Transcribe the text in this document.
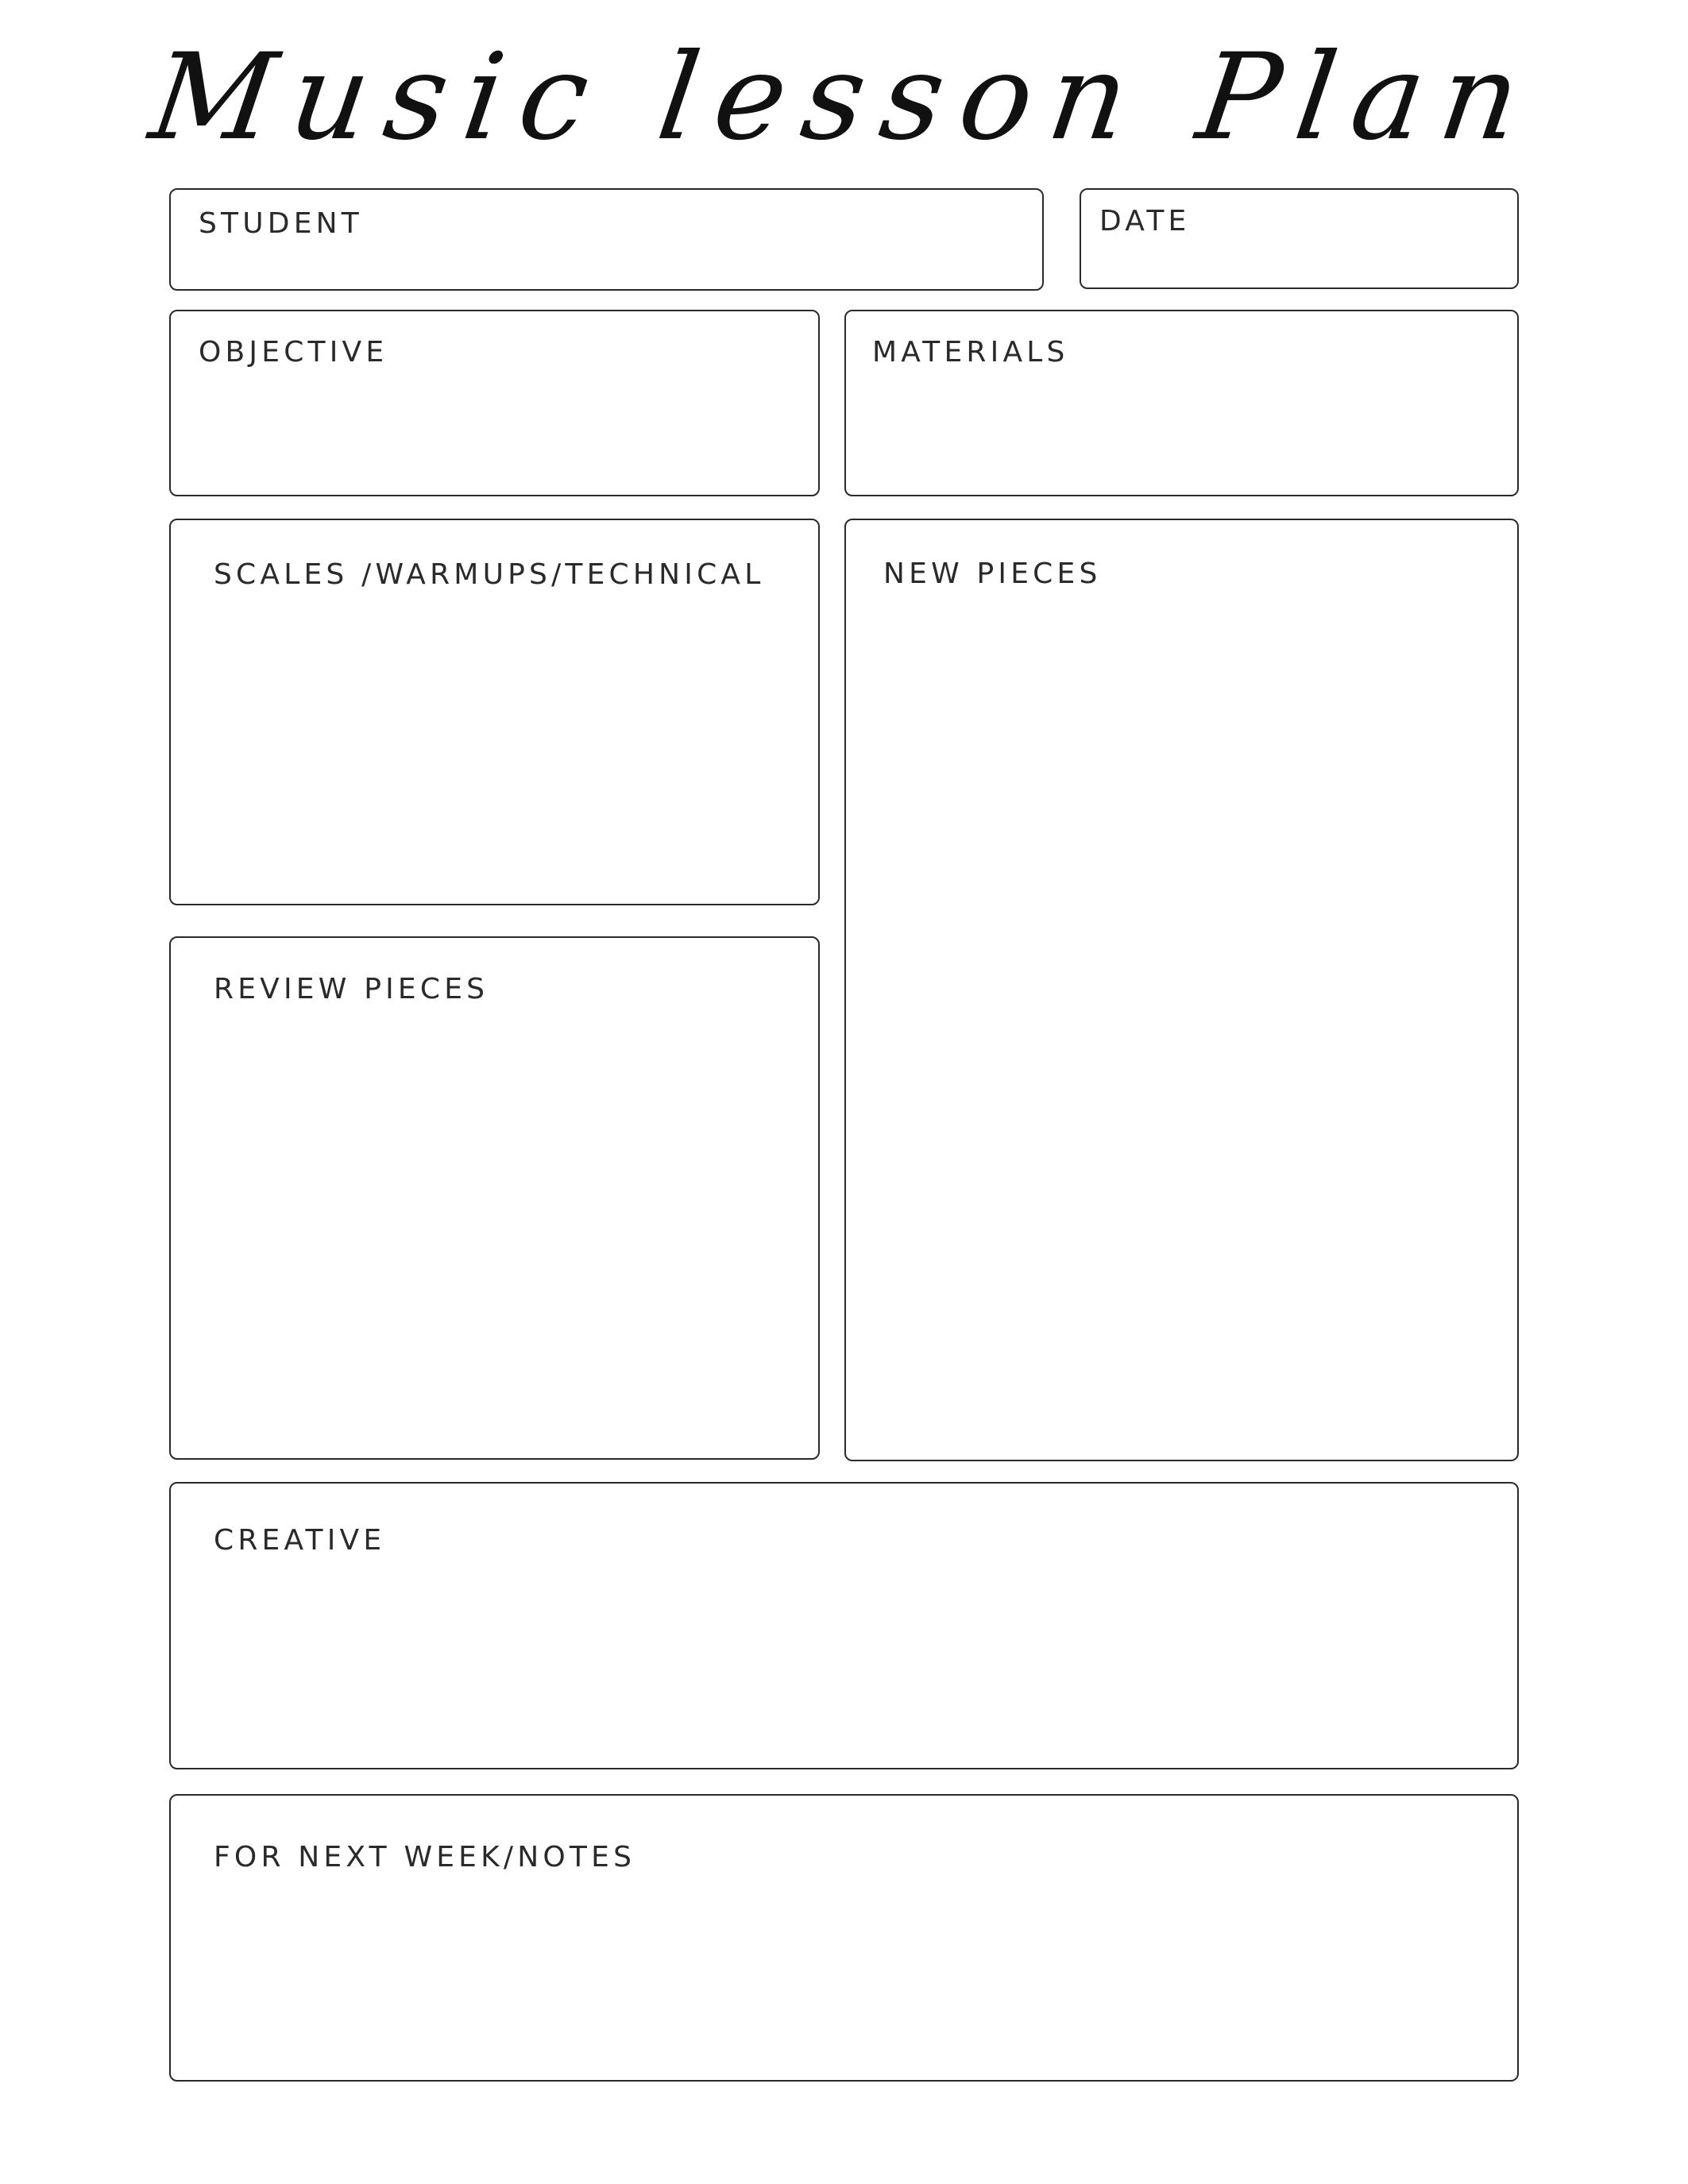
Music lesson Plan
STUDENT	DATE
OBJECTIVE	MATERIALS
SCALES /WARMUPS/TECHNICAL	NEW PIECES
REVIEW PIECES
CREATIVE
FOR NEXT WEEK/NOTES
